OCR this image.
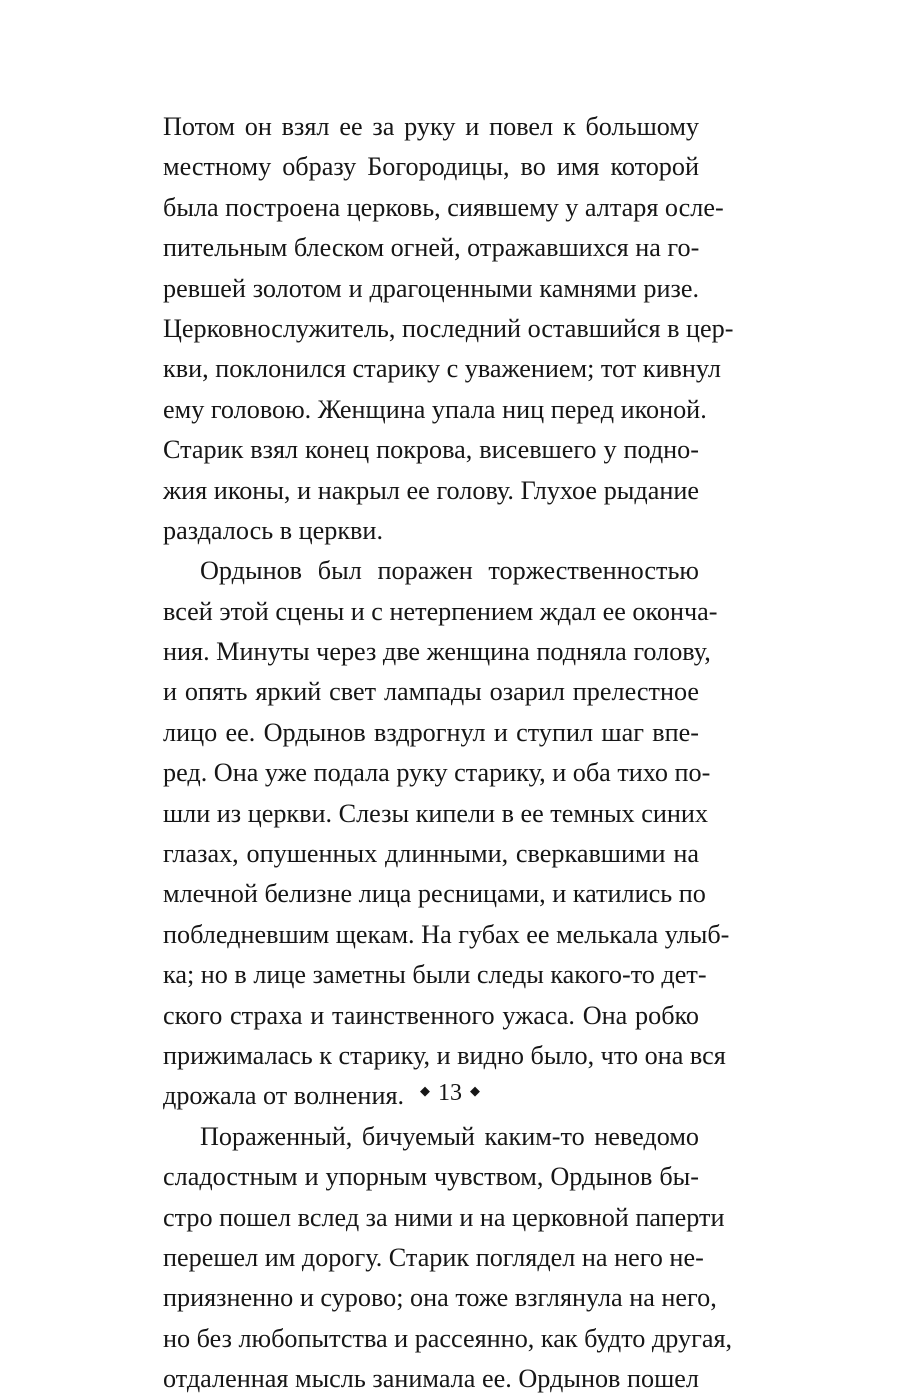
Потом он взял ее за руку и повел к большому
местному образу Богородицы, во имя которой
была построена церковь, сиявшему у алтаря осле-
пительным блеском огней, отражавшихся на го-
ревшей золотом и драгоценными камнями ризе.
Церковнослужитель, последний оставшийся в цер-
кви, поклонился старику с уважением; тот кивнул
ему головою. Женщина упала ниц перед иконой.
Старик взял конец покрова, висевшего у подно-
жия иконы, и накрыл ее голову. Глухое рыдание
раздалось в церкви.
Ордынов был поражен торжественностью
всей этой сцены и с нетерпением ждал ее оконча-
ния. Минуты через две женщина подняла голову,
и опять яркий свет лампады озарил прелестное
лицо ее. Ордынов вздрогнул и ступил шаг впе-
ред. Она уже подала руку старику, и оба тихо по-
шли из церкви. Слезы кипели в ее темных синих
глазах, опушенных длинными, сверкавшими на
млечной белизне лица ресницами, и катились по
побледневшим щекам. На губах ее мелькала улыб-
ка; но в лице заметны были следы какого-то дет-
ского страха и таинственного ужаса. Она робко
прижималась к старику, и видно было, что она вся
дрожала от волнения.
Пораженный, бичуемый каким-то неведомо
сладостным и упорным чувством, Ордынов бы-
стро пошел вслед за ними и на церковной паперти
перешел им дорогу. Старик поглядел на него не-
приязненно и сурово; она тоже взглянула на него,
но без любопытства и рассеянно, как будто другая,
отдаленная мысль занимала ее. Ордынов пошел
◆ 13 ◆
